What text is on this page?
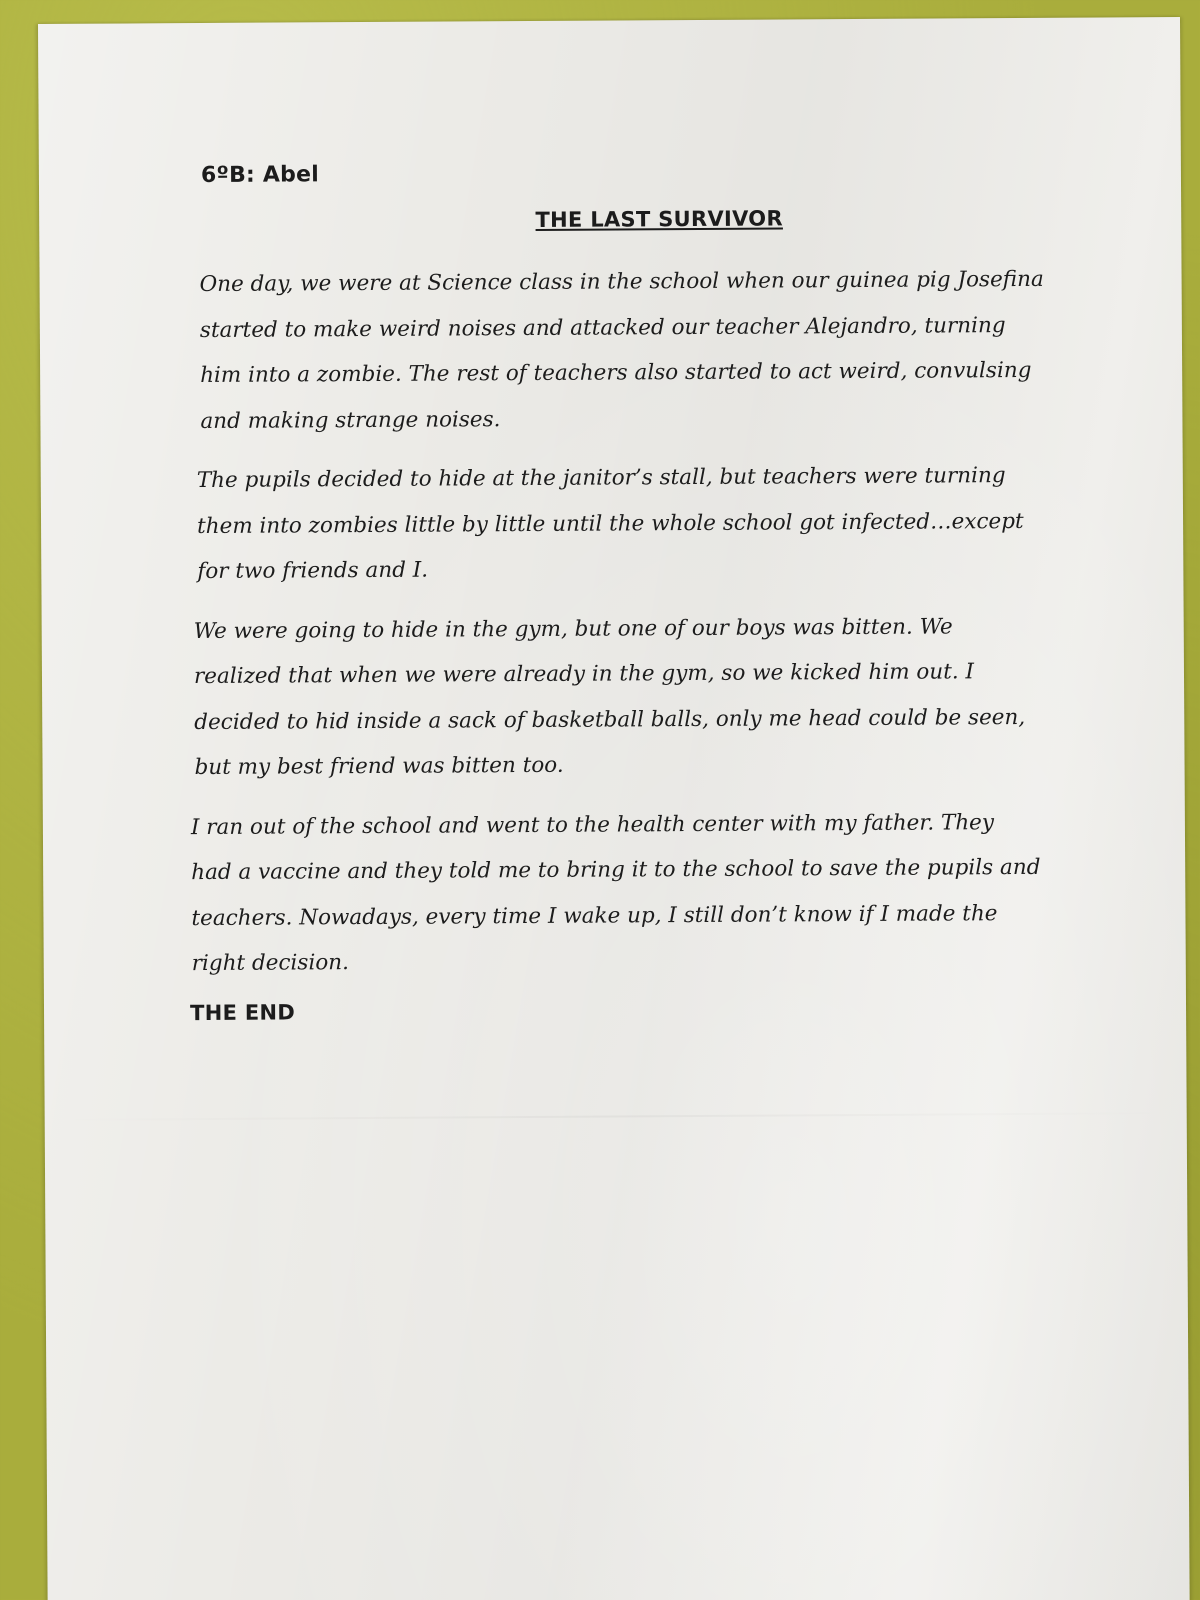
6ºB: Abel
THE LAST SURVIVOR

One day, we were at Science class in the school when our guinea pig Josefina started to make weird noises and attacked our teacher Alejandro, turning him into a zombie. The rest of teachers also started to act weird, convulsing and making strange noises.

The pupils decided to hide at the janitor’s stall, but teachers were turning them into zombies little by little until the whole school got infected…except for two friends and I.

We were going to hide in the gym, but one of our boys was bitten. We realized that when we were already in the gym, so we kicked him out. I decided to hid inside a sack of basketball balls, only me head could be seen, but my best friend was bitten too.

I ran out of the school and went to the health center with my father. They had a vaccine and they told me to bring it to the school to save the pupils and teachers. Nowadays, every time I wake up, I still don’t know if I made the right decision.

THE END
